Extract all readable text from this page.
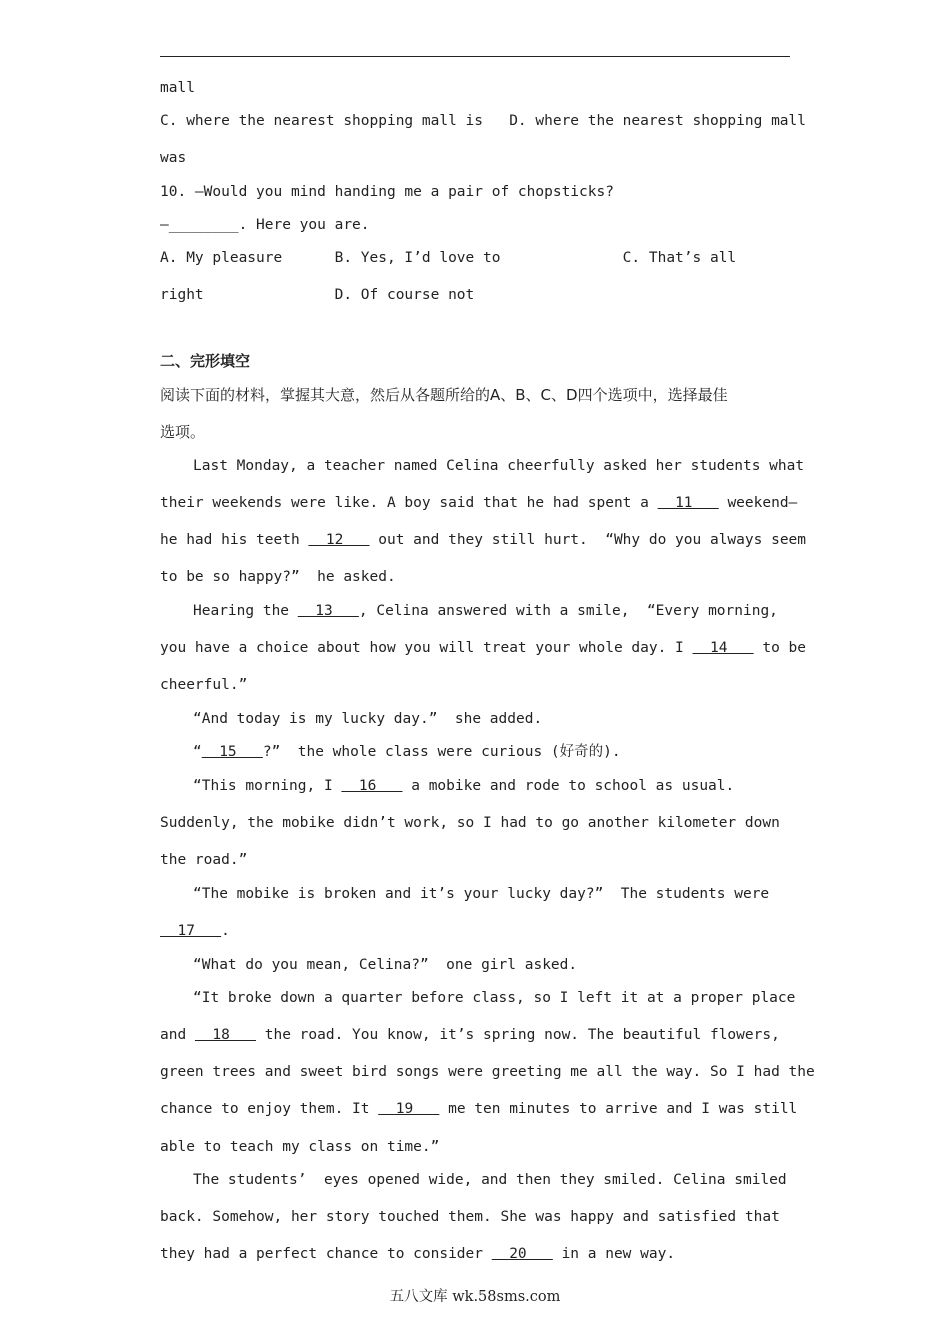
mall
C. where the nearest shopping mall is   D. where the nearest shopping mall
was
10. —Would you mind handing me a pair of chopsticks?
—________. Here you are.
A. My pleasure      B. Yes, I’d love to              C. That’s all
right               D. Of course not
二、完形填空
阅读下面的材料，掌握其大意，然后从各题所给的A、B、C、D四个选项中，选择最佳
选项。
Last Monday, a teacher named Celina cheerfully asked her students what
their weekends were like. A boy said that he had spent a   11    weekend—
he had his teeth   12    out and they still hurt.  “Why do you always seem
to be so happy?”  he asked.
Hearing the   13   , Celina answered with a smile,  “Every morning,
you have a choice about how you will treat your whole day. I   14    to be
cheerful.”
“And today is my lucky day.”  she added.
“  15   ?”  the whole class were curious (好奇的).
“This morning, I   16    a mobike and rode to school as usual.
Suddenly, the mobike didn’t work, so I had to go another kilometer down
the road.”
“The mobike is broken and it’s your lucky day?”  The students were
17   .
“What do you mean, Celina?”  one girl asked.
“It broke down a quarter before class, so I left it at a proper place
and   18    the road. You know, it’s spring now. The beautiful flowers,
green trees and sweet bird songs were greeting me all the way. So I had the
chance to enjoy them. It   19    me ten minutes to arrive and I was still
able to teach my class on time.”
The students’  eyes opened wide, and then they smiled. Celina smiled
back. Somehow, her story touched them. She was happy and satisfied that
they had a perfect chance to consider   20    in a new way.
五八文库 wk.58sms.com
